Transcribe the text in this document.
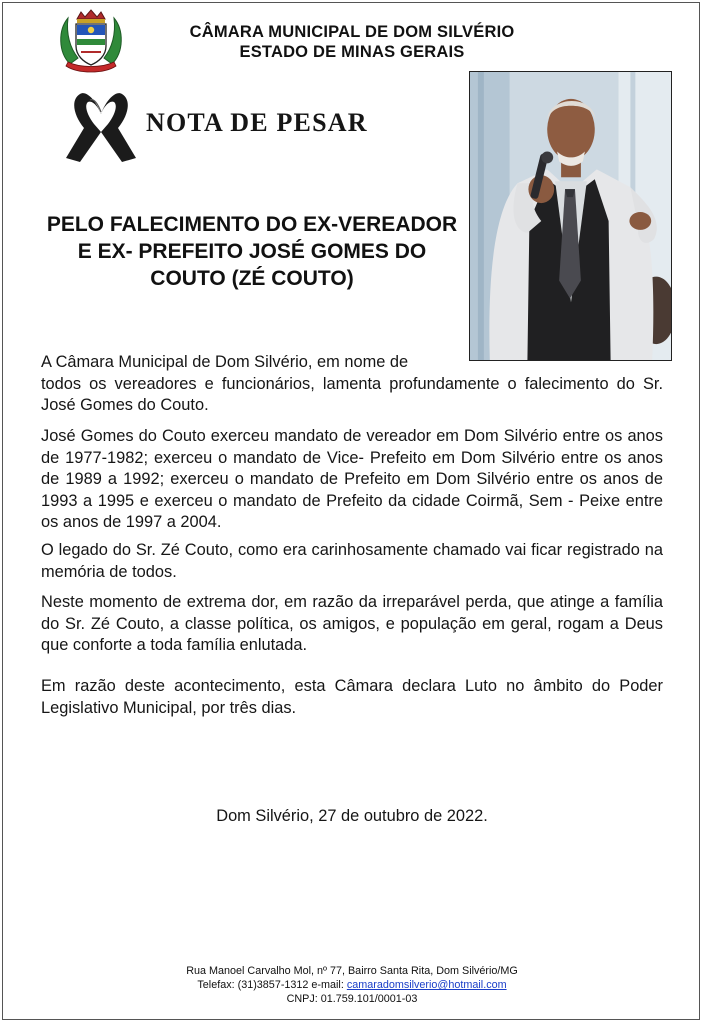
CÂMARA MUNICIPAL DE DOM SILVÉRIO
ESTADO DE MINAS GERAIS
NOTA DE PESAR
PELO FALECIMENTO DO EX-VEREADOR E EX- PREFEITO JOSÉ GOMES DO COUTO (ZÉ COUTO)

A Câmara Municipal de Dom Silvério, em nome de
todos os vereadores e funcionários, lamenta profundamente o falecimento do Sr. José Gomes do Couto.

José Gomes do Couto exerceu mandato de vereador em Dom Silvério entre os anos de 1977-1982; exerceu o mandato de Vice- Prefeito em Dom Silvério entre os anos de 1989 a 1992; exerceu o mandato de Prefeito em Dom Silvério entre os anos de 1993 a 1995 e exerceu o mandato de Prefeito da cidade Coirmã, Sem - Peixe entre os anos de 1997 a 2004.

O legado do Sr. Zé Couto, como era carinhosamente chamado vai ficar registrado na memória de todos.

Neste momento de extrema dor, em razão da irreparável perda, que atinge a família do Sr. Zé Couto, a classe política, os amigos, e população em geral, rogam a Deus que conforte a toda família enlutada.

Em razão deste acontecimento, esta Câmara declara Luto no âmbito do Poder Legislativo Municipal, por três dias.

Dom Silvério, 27 de outubro de 2022.
Rua Manoel Carvalho Mol, nº 77, Bairro Santa Rita, Dom Silvério/MG
Telefax: (31)3857-1312 e-mail: camaradomsilverio@hotmail.com
CNPJ: 01.759.101/0001-03
